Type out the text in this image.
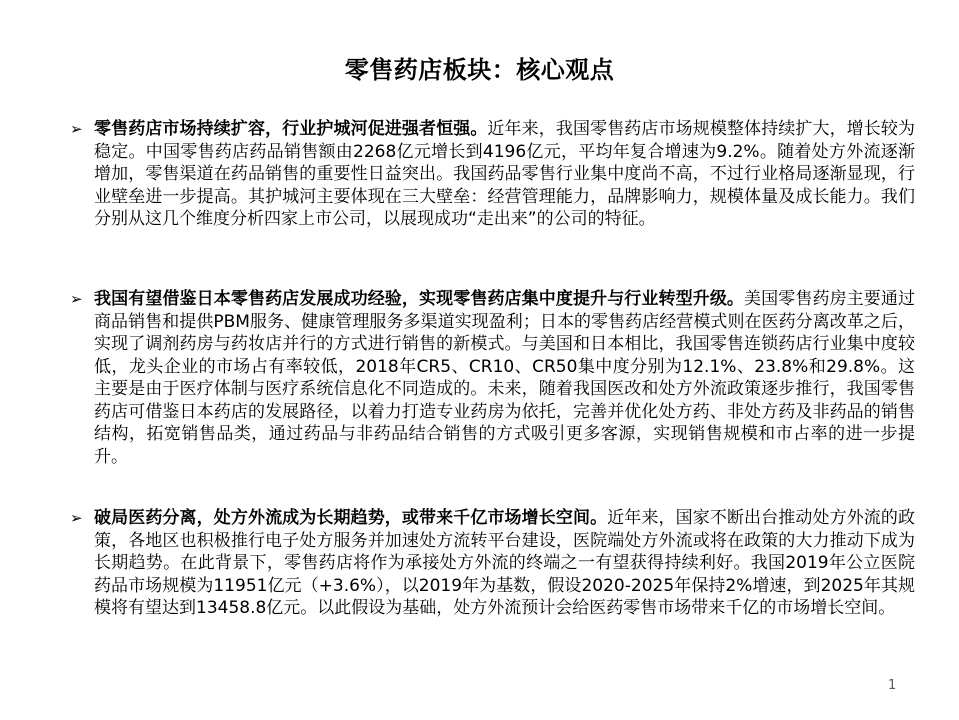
零售药店板块：核心观点
➢ 零售药店市场持续扩容，行业护城河促进强者恒强。近年来，我国零售药店市场规模整体持续扩大，增长较为稳定。中国零售药店药品销售额由2268亿元增长到4196亿元，平均年复合增速为9.2%。随着处方外流逐渐增加，零售渠道在药品销售的重要性日益突出。我国药品零售行业集中度尚不高，不过行业格局逐渐显现，行业壁垒进一步提高。其护城河主要体现在三大壁垒：经营管理能力，品牌影响力，规模体量及成长能力。我们分别从这几个维度分析四家上市公司，以展现成功“走出来”的公司的特征。
➢ 我国有望借鉴日本零售药店发展成功经验，实现零售药店集中度提升与行业转型升级。美国零售药房主要通过商品销售和提供PBM服务、健康管理服务多渠道实现盈利；日本的零售药店经营模式则在医药分离改革之后，实现了调剂药房与药妆店并行的方式进行销售的新模式。与美国和日本相比，我国零售连锁药店行业集中度较低，龙头企业的市场占有率较低，2018年CR5、CR10、CR50集中度分别为12.1%、23.8%和29.8%。这主要是由于医疗体制与医疗系统信息化不同造成的。未来，随着我国医改和处方外流政策逐步推行，我国零售药店可借鉴日本药店的发展路径，以着力打造专业药房为依托，完善并优化处方药、非处方药及非药品的销售结构，拓宽销售品类，通过药品与非药品结合销售的方式吸引更多客源，实现销售规模和市占率的进一步提升。
➢ 破局医药分离，处方外流成为长期趋势，或带来千亿市场增长空间。近年来，国家不断出台推动处方外流的政策，各地区也积极推行电子处方服务并加速处方流转平台建设，医院端处方外流或将在政策的大力推动下成为长期趋势。在此背景下，零售药店将作为承接处方外流的终端之一有望获得持续利好。我国2019年公立医院药品市场规模为11951亿元（+3.6%），以2019年为基数，假设2020-2025年保持2%增速，到2025年其规模将有望达到13458.8亿元。以此假设为基础，处方外流预计会给医药零售市场带来千亿的市场增长空间。
1
